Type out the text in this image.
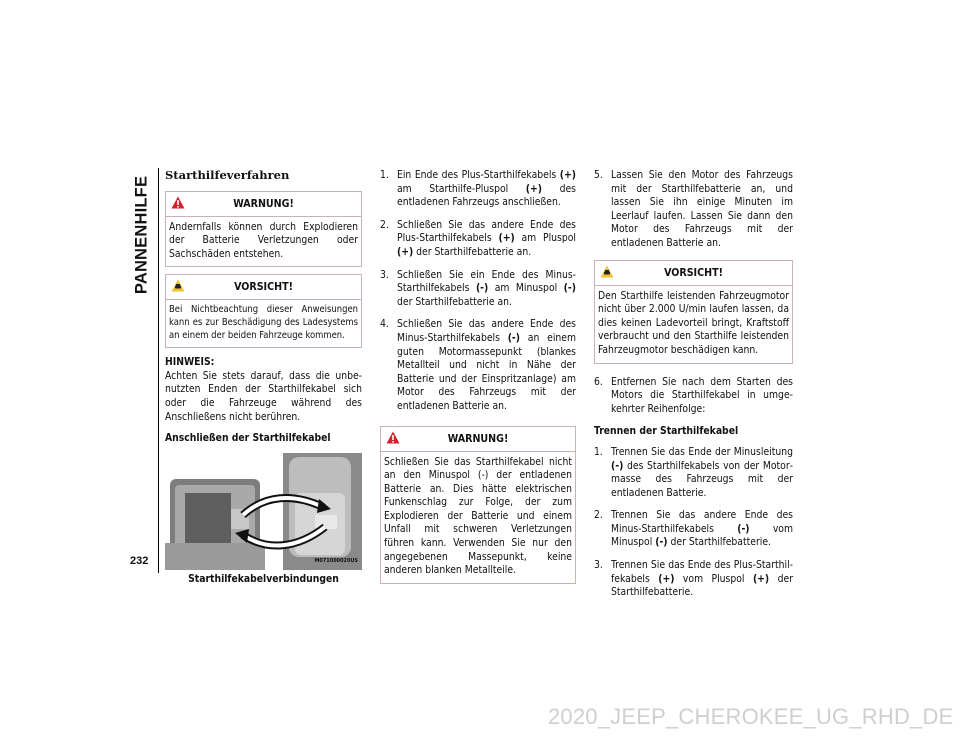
PANNENHILFE
232
Starthilfeverfahren
WARNUNG!
Andernfalls können durch Explodieren der Batterie Verletzungen oder Sachschäden entstehen.
VORSICHT!
Bei Nichtbeachtung dieser Anweisungen kann es zur Beschädigung des Ladesystems an einem der beiden Fahrzeuge kommen.
HINWEIS:
Achten Sie stets darauf, dass die unbenutzten Enden der Starthilfekabel sich oder die Fahrzeuge während des Anschließens nicht berühren.
Anschließen der Starthilfekabel
M071000020US
Starthilfekabelverbindungen
1. Ein Ende des Plus-Starthilfekabels (+) am Starthilfe-Pluspol (+) des entladenen Fahrzeugs anschließen.
2. Schließen Sie das andere Ende des Plus-Starthilfekabels (+) am Pluspol (+) der Starthilfebatterie an.
3. Schließen Sie ein Ende des Minus-Starthilfekabels (-) am Minuspol (-) der Starthilfebatterie an.
4. Schließen Sie das andere Ende des Minus-Starthilfekabels (-) an einem guten Motormassepunkt (blankes Metallteil und nicht in Nähe der Batterie und der Einspritzanlage) am Motor des Fahrzeugs mit der entladenen Batterie an.
WARNUNG!
Schließen Sie das Starthilfekabel nicht an den Minuspol (-) der entladenen Batterie an. Dies hätte elektrischen Funkenschlag zur Folge, der zum Explodieren der Batterie und einem Unfall mit schweren Verletzungen führen kann. Verwenden Sie nur den angegebenen Massepunkt, keine anderen blanken Metallteile.
5. Lassen Sie den Motor des Fahrzeugs mit der Starthilfebatterie an, und lassen Sie ihn einige Minuten im Leerlauf laufen. Lassen Sie dann den Motor des Fahrzeugs mit der entladenen Batterie an.
VORSICHT!
Den Starthilfe leistenden Fahrzeugmotor nicht über 2.000 U/min laufen lassen, da dies keinen Ladevorteil bringt, Kraftstoff verbraucht und den Starthilfe leistenden Fahrzeugmotor beschädigen kann.
6. Entfernen Sie nach dem Starten des Motors die Starthilfekabel in umgekehrter Reihenfolge:
Trennen der Starthilfekabel
1. Trennen Sie das Ende der Minusleitung (-) des Starthilfekabels von der Motormasse des Fahrzeugs mit der entladenen Batterie.
2. Trennen Sie das andere Ende des Minus-Starthilfekabels (-) vom Minuspol (-) der Starthilfebatterie.
3. Trennen Sie das Ende des Plus-Starthilfekabels (+) vom Pluspol (+) der Starthilfebatterie.
2020_JEEP_CHEROKEE_UG_RHD_DE
